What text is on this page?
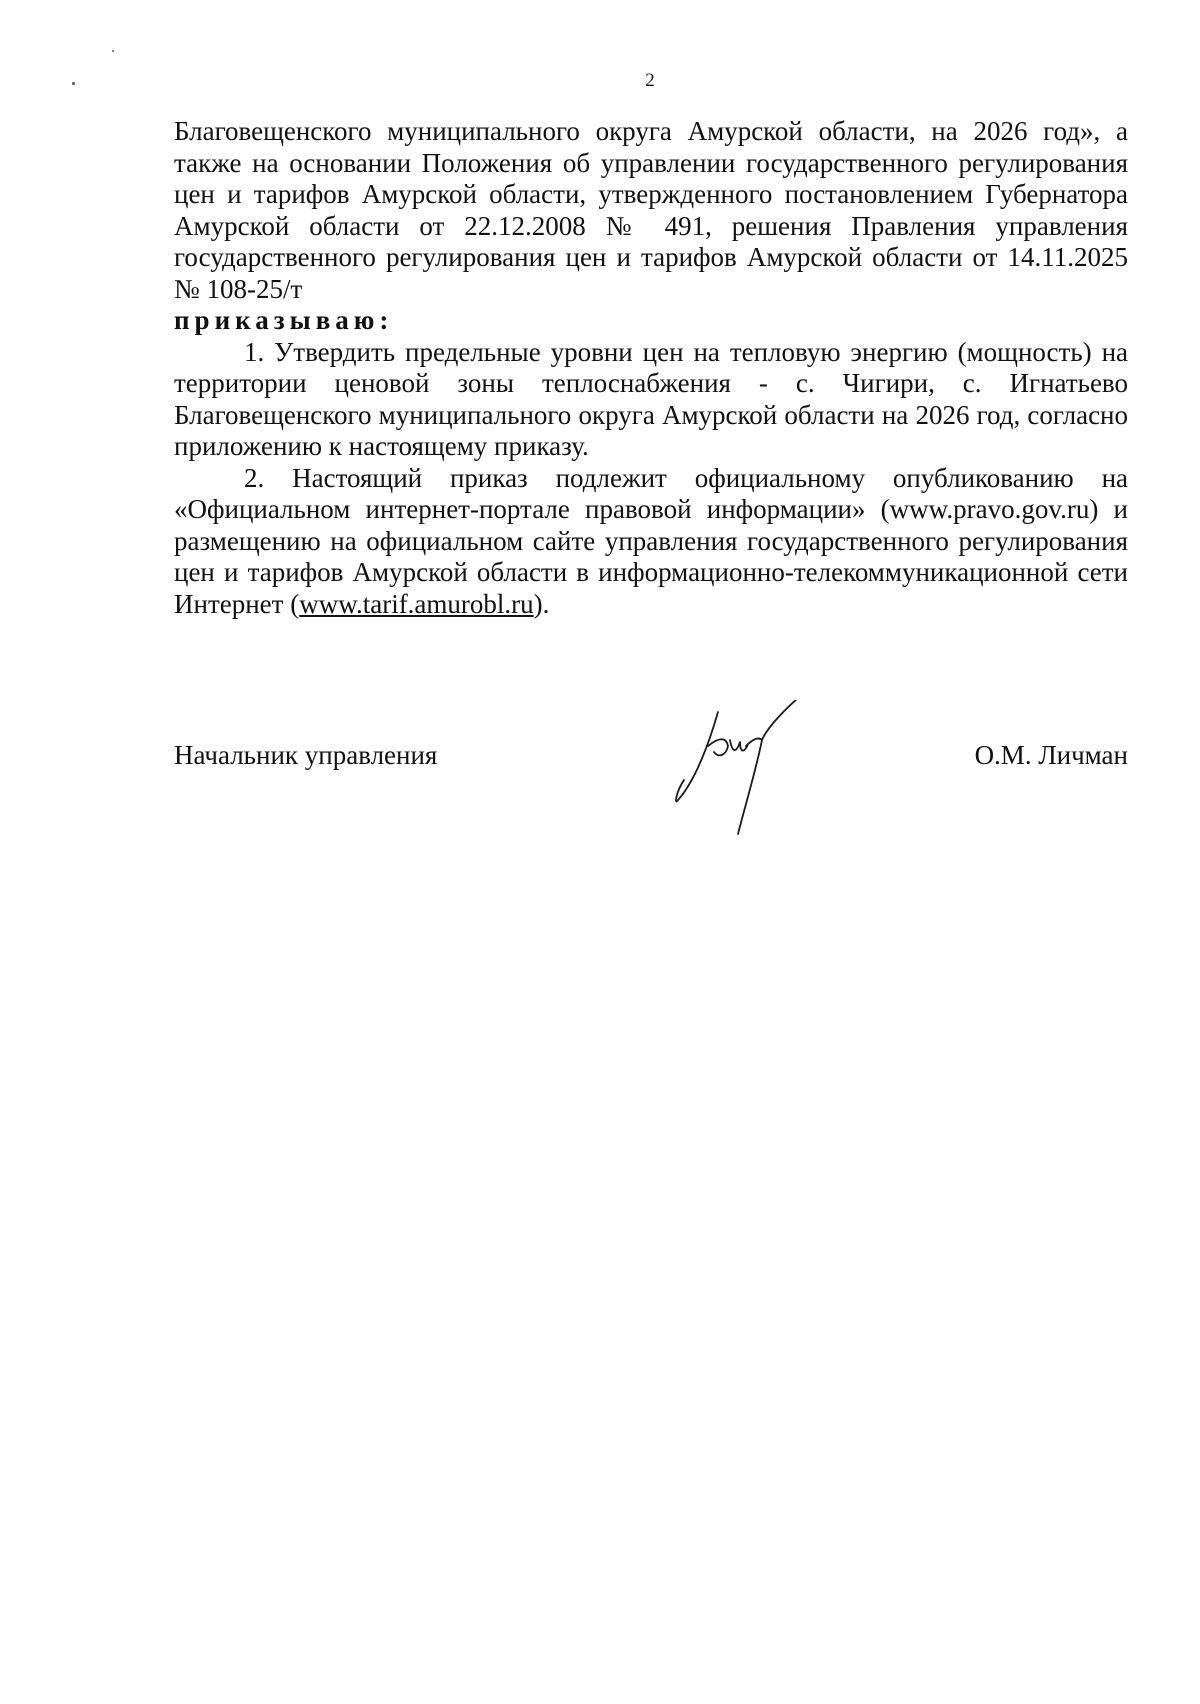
2

Благовещенского муниципального округа Амурской области, на 2026 год», а также на основании Положения об управлении государственного регулирования цен и тарифов Амурской области, утвержденного постановлением Губернатора Амурской области от 22.12.2008 № 491, решения Правления управления государственного регулирования цен и тарифов Амурской области от 14.11.2025 № 108-25/т

приказываю:

1. Утвердить предельные уровни цен на тепловую энергию (мощность) на территории ценовой зоны теплоснабжения - с. Чигири, с. Игнатьево Благовещенского муниципального округа Амурской области на 2026 год, согласно приложению к настоящему приказу.

2. Настоящий приказ подлежит официальному опубликованию на «Официальном интернет-портале правовой информации» (www.pravo.gov.ru) и размещению на официальном сайте управления государственного регулирования цен и тарифов Амурской области в информационно-телекоммуникационной сети Интернет (www.tarif.amurobl.ru).

Начальник управления	О.М. Личман
